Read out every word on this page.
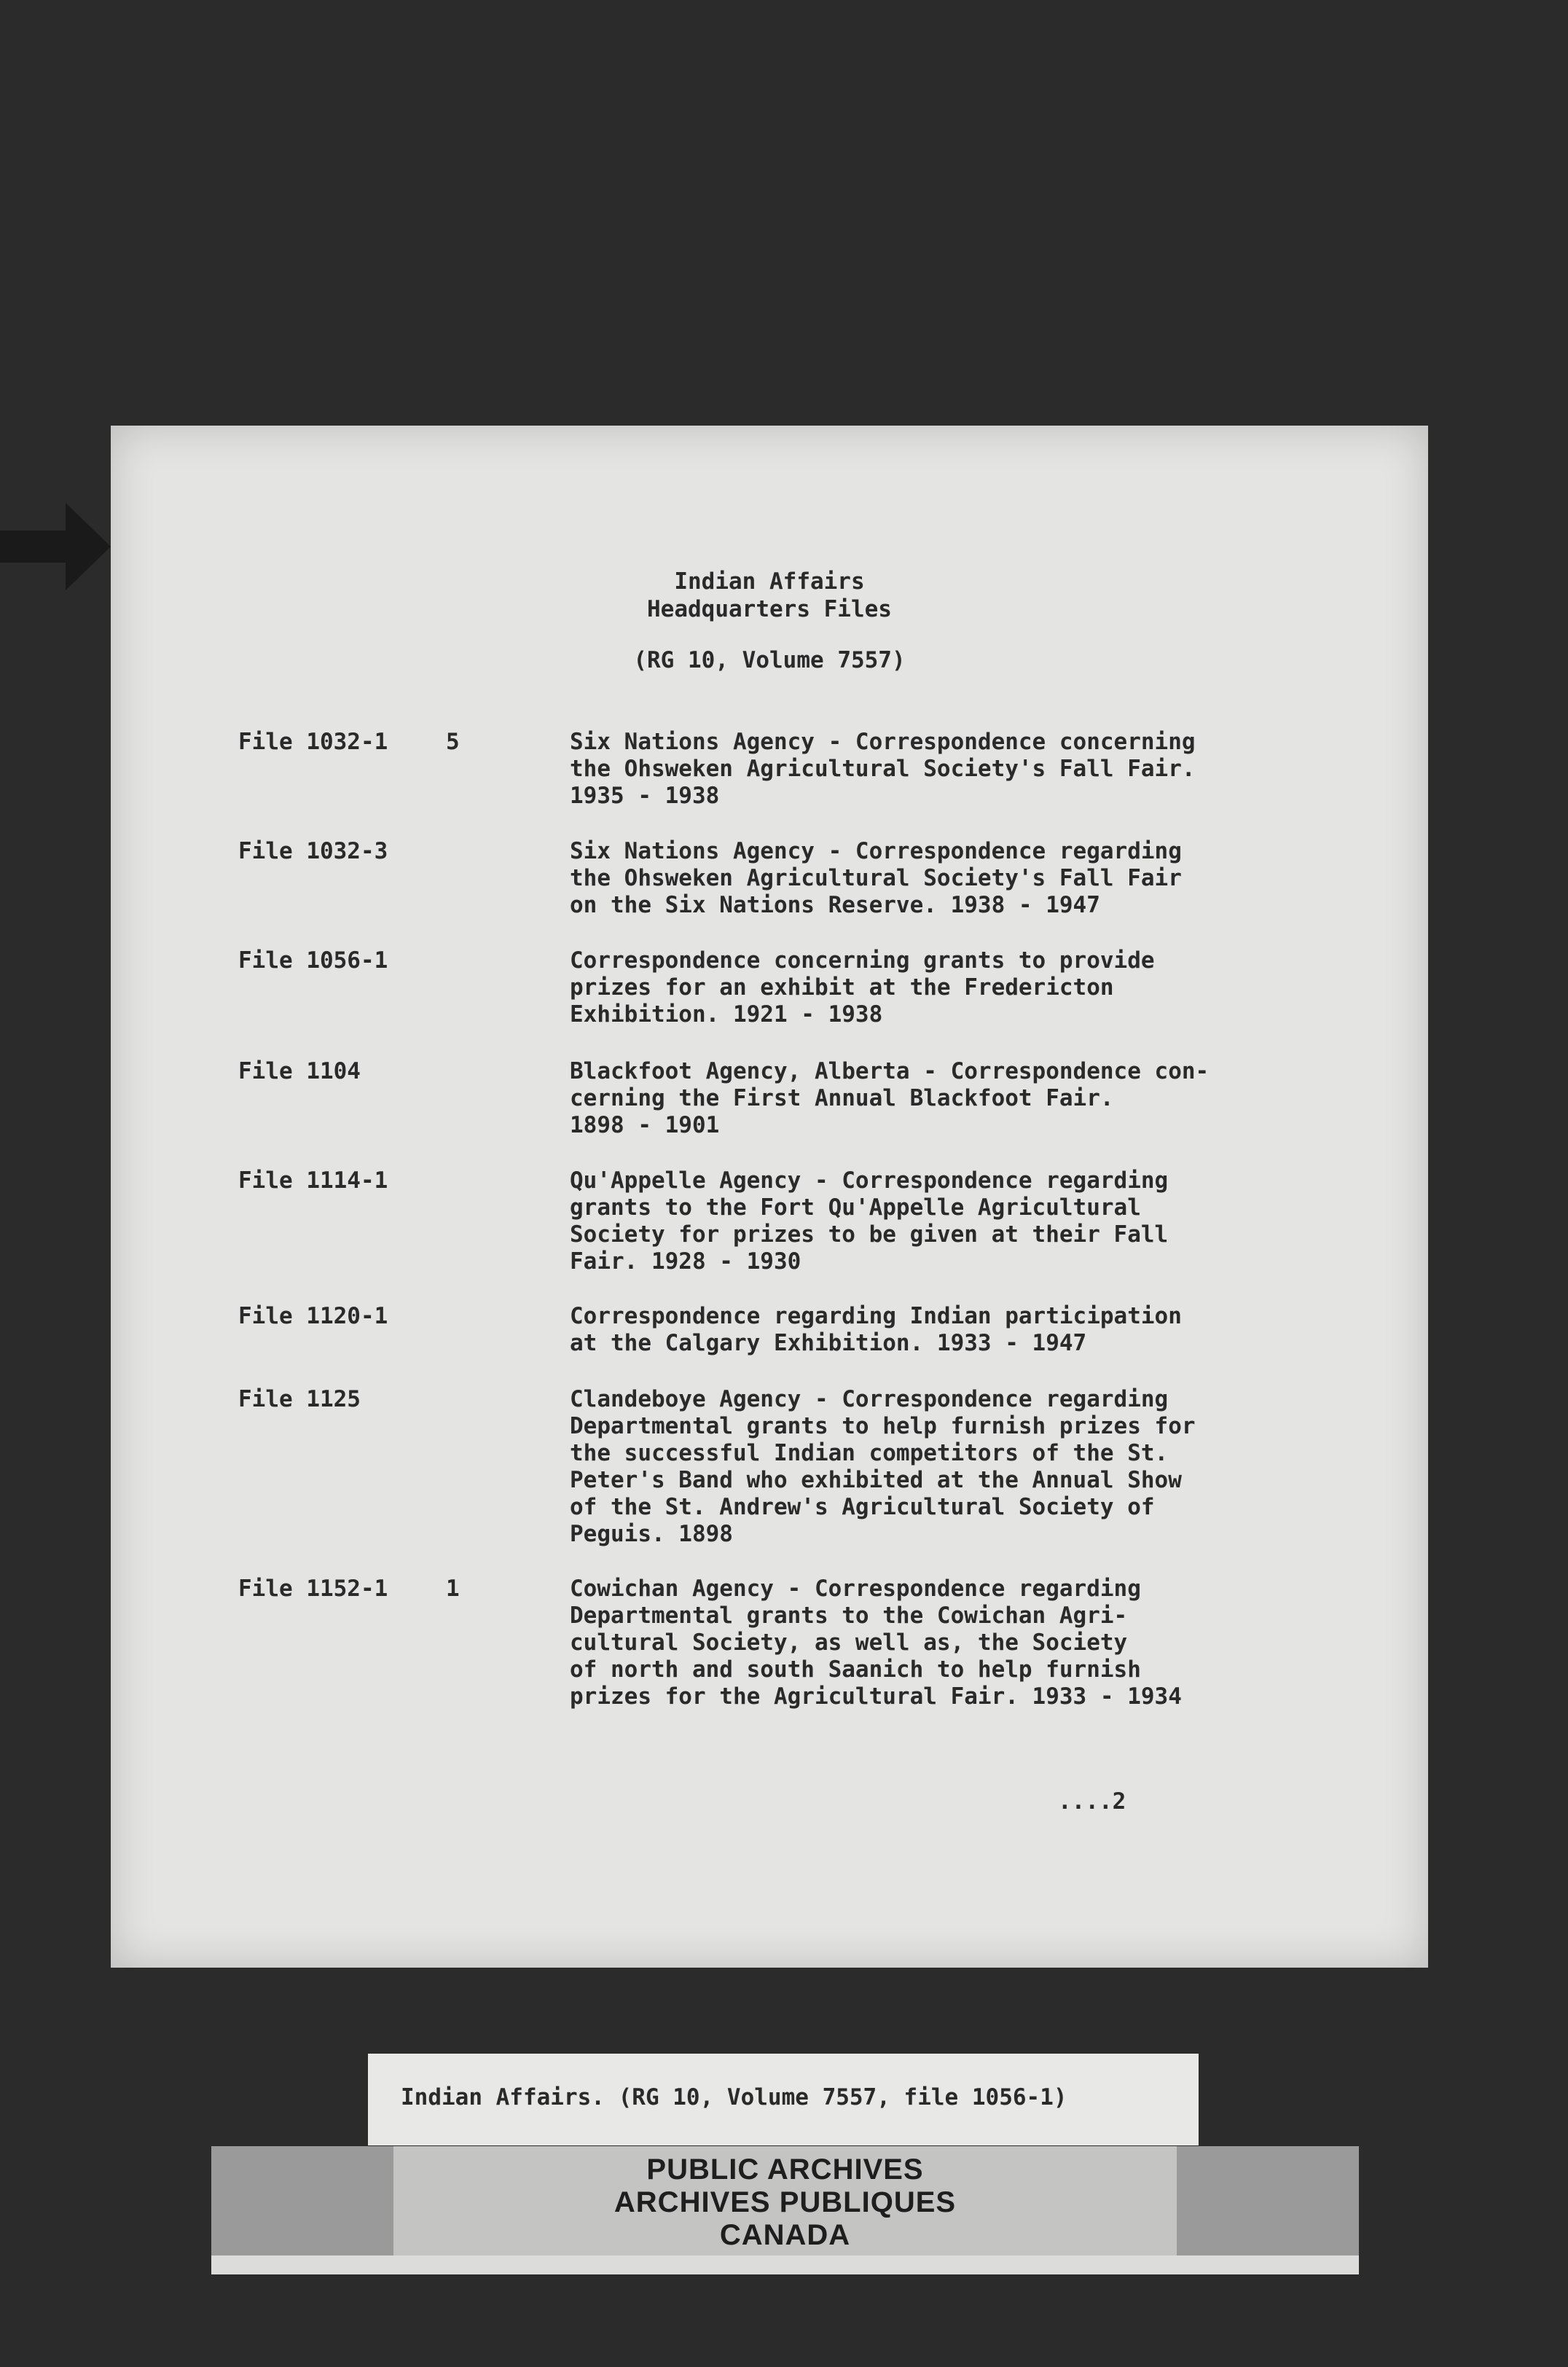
Indian Affairs
Headquarters Files
(RG 10, Volume 7557)
File 1032-1	5	Six Nations Agency - Correspondence concerning
the Ohsweken Agricultural Society's Fall Fair.
1935 - 1938
File 1032-3	Six Nations Agency - Correspondence regarding
the Ohsweken Agricultural Society's Fall Fair
on the Six Nations Reserve. 1938 - 1947
File 1056-1	Correspondence concerning grants to provide
prizes for an exhibit at the Fredericton
Exhibition. 1921 - 1938
File 1104	Blackfoot Agency, Alberta - Correspondence con-
cerning the First Annual Blackfoot Fair.
1898 - 1901
File 1114-1	Qu'Appelle Agency - Correspondence regarding
grants to the Fort Qu'Appelle Agricultural
Society for prizes to be given at their Fall
Fair. 1928 - 1930
File 1120-1	Correspondence regarding Indian participation
at the Calgary Exhibition. 1933 - 1947
File 1125	Clandeboye Agency - Correspondence regarding
Departmental grants to help furnish prizes for
the successful Indian competitors of the St.
Peter's Band who exhibited at the Annual Show
of the St. Andrew's Agricultural Society of
Peguis. 1898
File 1152-1	1	Cowichan Agency - Correspondence regarding
Departmental grants to the Cowichan Agri-
cultural Society, as well as, the Society
of north and south Saanich to help furnish
prizes for the Agricultural Fair. 1933 - 1934
....2
Indian Affairs. (RG 10, Volume 7557, file 1056-1)
PUBLIC ARCHIVES
ARCHIVES PUBLIQUES
CANADA
